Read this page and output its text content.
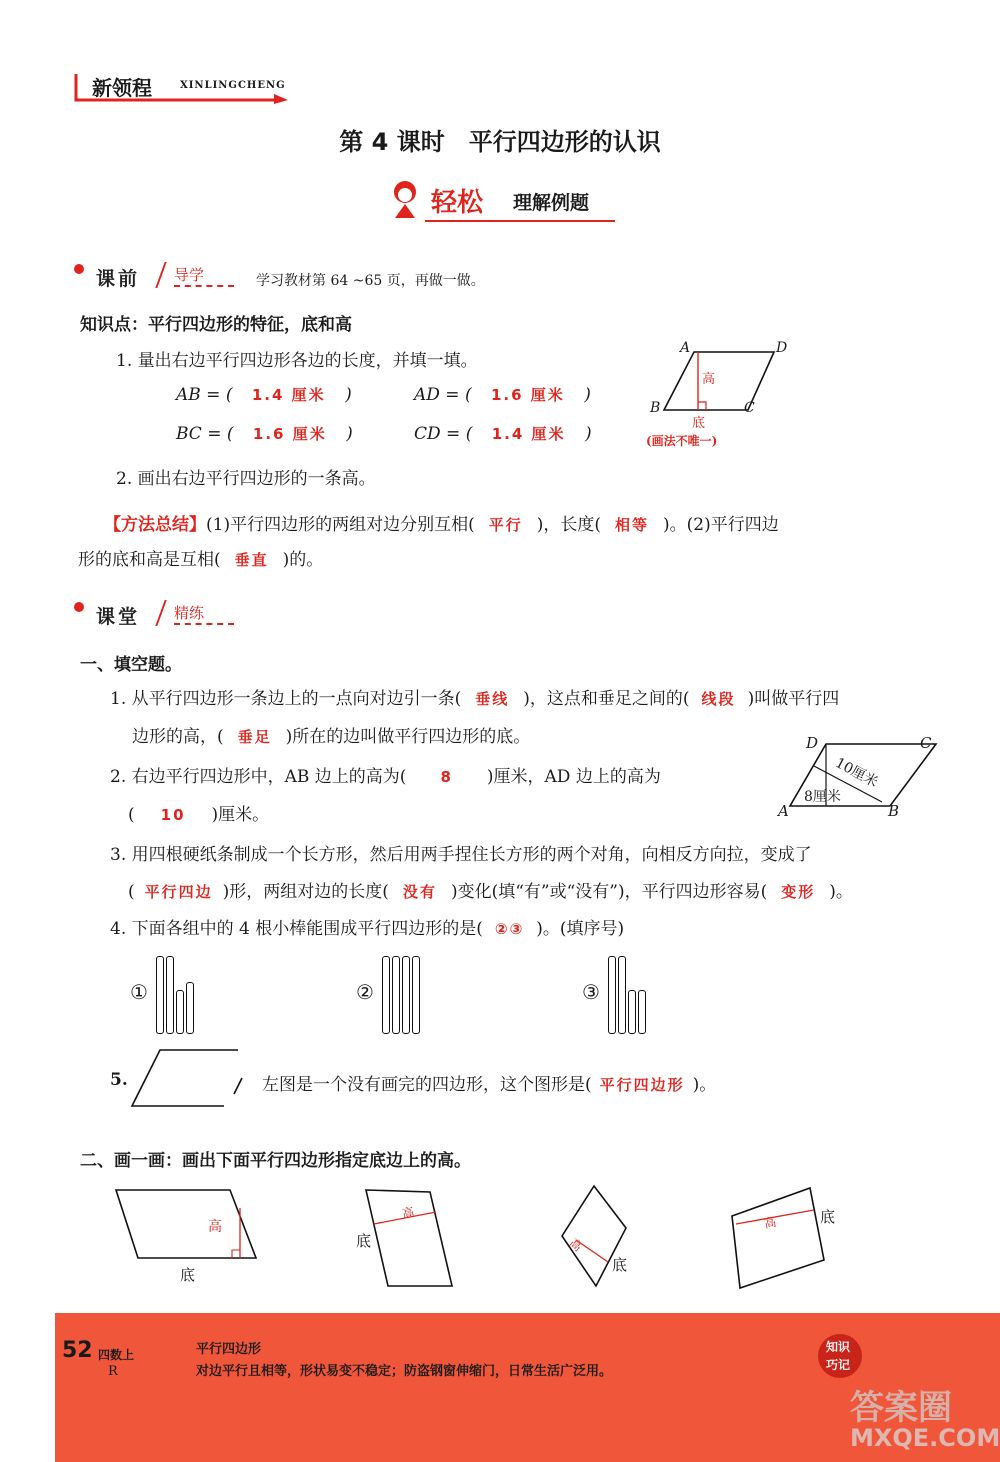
新领程	XINLINGCHENG
第 4 课时　平行四边形的认识
轻松 理解例题
课前 导学	学习教材第 64 ~65 页，再做一做。
知识点：平行四边形的特征，底和高
1. 量出右边平行四边形各边的长度，并填一填。
AB = ( 1.4 厘米 )	AD = ( 1.6 厘米 )
BC = ( 1.6 厘米 )	CD = ( 1.4 厘米 )
A	D
B	C
高
底
(画法不唯一)
2. 画出右边平行四边形的一条高。
【方法总结】(1)平行四边形的两组对边分别互相( 平行 )，长度( 相等 )。(2)平行四边
形的底和高是互相( 垂直 )的。
课堂 精练
一、填空题。
1. 从平行四边形一条边上的一点向对边引一条( 垂线 )，这点和垂足之间的( 线段 )叫做平行四
边形的高，( 垂足 )所在的边叫做平行四边形的底。
2. 右边平行四边形中，AB 边上的高为( 8 )厘米，AD 边上的高为
( 10 )厘米。
D	C
A	B
10厘米
8厘米
3. 用四根硬纸条制成一个长方形，然后用两手捏住长方形的两个对角，向相反方向拉，变成了
( 平行四边 )形，两组对边的长度( 没有 )变化(填“有”或“没有”)，平行四边形容易( 变形 )。
4. 下面各组中的 4 根小棒能围成平行四边形的是( ②③ )。(填序号)
①	②	③
5.	左图是一个没有画完的四边形，这个图形是( 平行四边形 )。
二、画一画：画出下面平行四边形指定底边上的高。
高
底
底
高
高
底
高	底
52 四数上
R
平行四边形
对边平行且相等，形状易变不稳定；防盗钢窗伸缩门，日常生活广泛用。
知识
巧记
答案圈
MXQE.COM
